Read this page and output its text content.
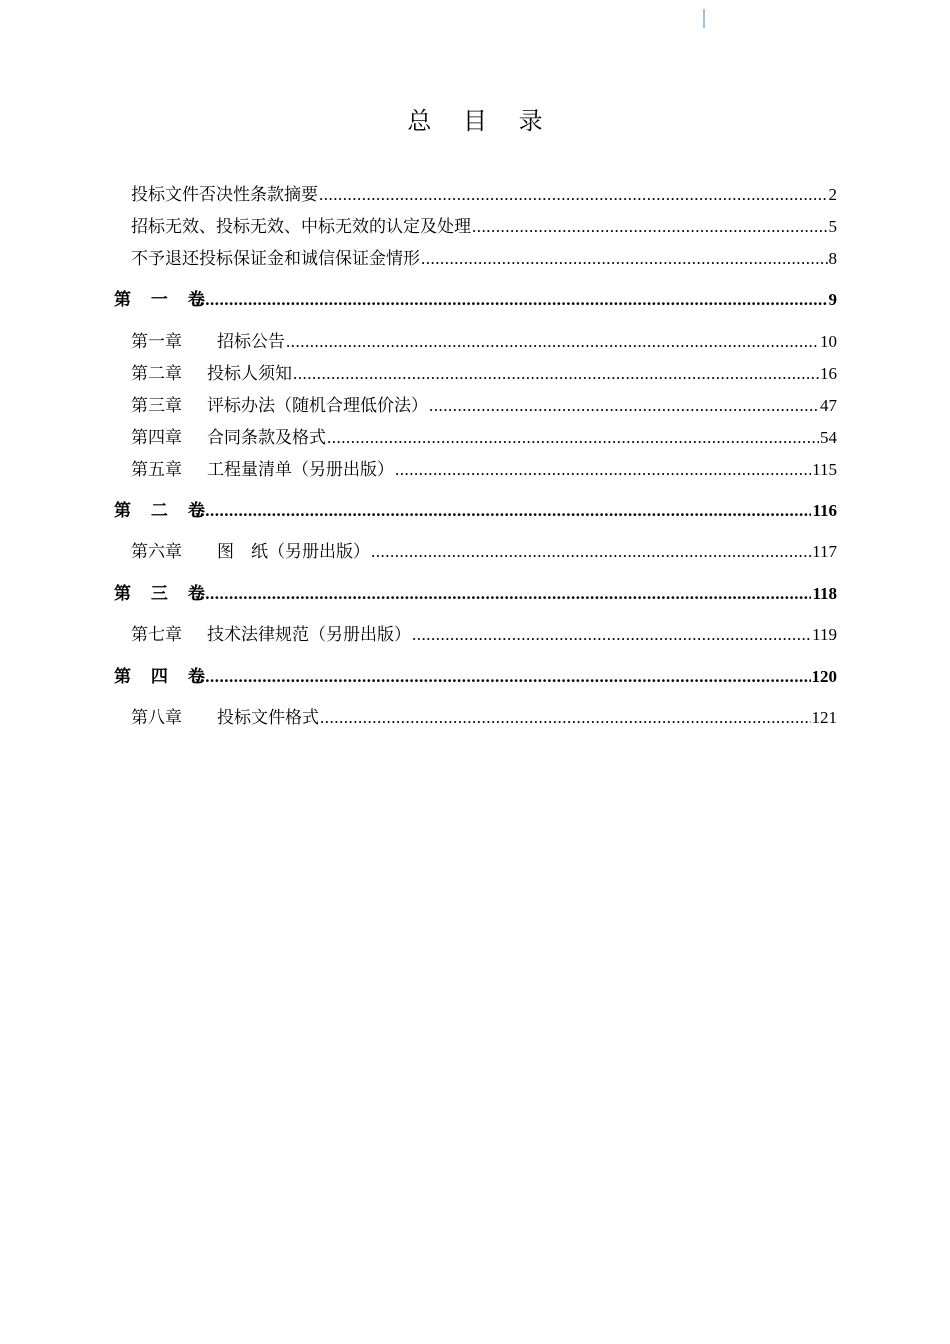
总 目 录
投标文件否决性条款摘要 .....	2
招标无效、投标无效、中标无效的认定及处理 .....	5
不予退还投标保证金和诚信保证金情形 .....	8
第 一 卷 .....	9
第一章	招标公告 .....	10
第二章	投标人须知 .....	16
第三章	评标办法（随机合理低价法） .....	47
第四章	合同条款及格式 .....	54
第五章	工程量清单（另册出版） .....	115
第 二 卷 .....	116
第六章	图　纸（另册出版） .....	117
第 三 卷 .....	118
第七章	技术法律规范（另册出版） .....	119
第 四 卷 .....	120
第八章	投标文件格式 .....	121
